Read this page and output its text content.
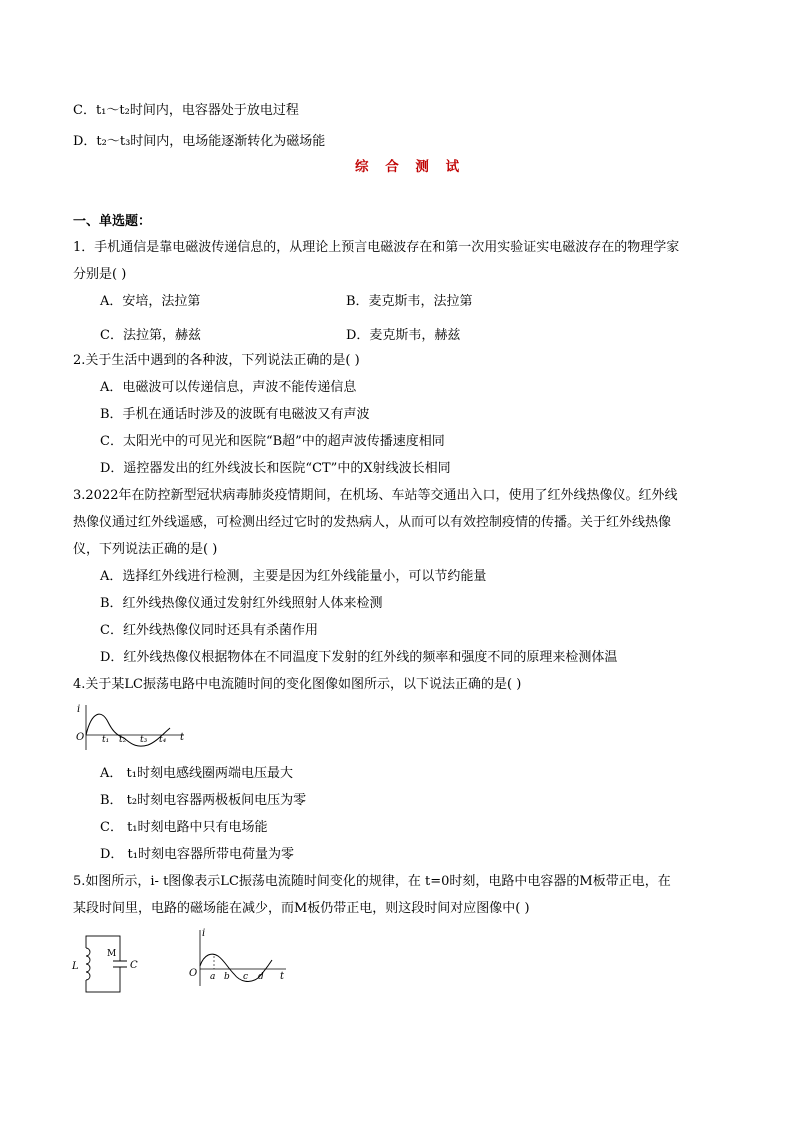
C．t₁～t₂时间内，电容器处于放电过程
D．t₂～t₃时间内，电场能逐渐转化为磁场能
综 合 测 试
一、单选题：
1．手机通信是靠电磁波传递信息的，从理论上预言电磁波存在和第一次用实验证实电磁波存在的物理学家
分别是( )
A．安培，法拉第	B．麦克斯韦，法拉第
C．法拉第，赫兹	D．麦克斯韦，赫兹
2.关于生活中遇到的各种波，下列说法正确的是( )
A．电磁波可以传递信息，声波不能传递信息
B．手机在通话时涉及的波既有电磁波又有声波
C．太阳光中的可见光和医院“B超”中的超声波传播速度相同
D．遥控器发出的红外线波长和医院“CT”中的X射线波长相同
3.2022年在防控新型冠状病毒肺炎疫情期间，在机场、车站等交通出入口，使用了红外线热像仪。红外线
热像仪通过红外线遥感，可检测出经过它时的发热病人，从而可以有效控制疫情的传播。关于红外线热像
仪，下列说法正确的是( )
A．选择红外线进行检测，主要是因为红外线能量小，可以节约能量
B．红外线热像仪通过发射红外线照射人体来检测
C．红外线热像仪同时还具有杀菌作用
D．红外线热像仪根据物体在不同温度下发射的红外线的频率和强度不同的原理来检测体温
4.关于某LC振荡电路中电流随时间的变化图像如图所示，以下说法正确的是( )
i
O t₁ t₂ t₃ t₄ t
A． t₁时刻电感线圈两端电压最大
B． t₂时刻电容器两极板间电压为零
C． t₁时刻电路中只有电场能
D． t₁时刻电容器所带电荷量为零
5.如图所示，i- t图像表示LC振荡电流随时间变化的规律，在 t=0时刻，电路中电容器的M板带正电，在
某段时间里，电路的磁场能在减少，而M板仍带正电，则这段时间对应图像中( )
L
M
C
i
O a b c d t
